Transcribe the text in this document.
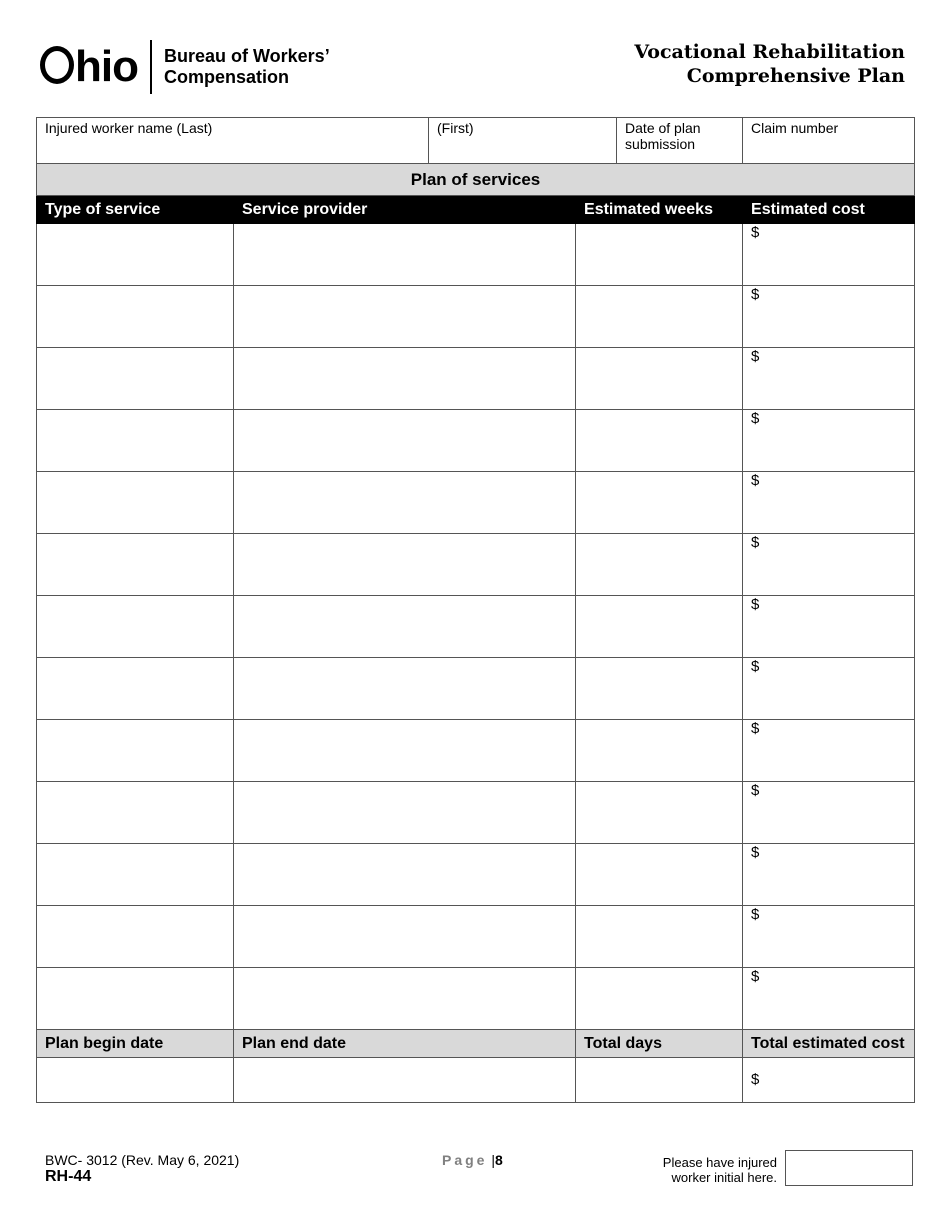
hio Bureau of Workers’
Compensation
Vocational Rehabilitation
Comprehensive Plan
Injured worker name (Last)		(First)		Date of plan submission	Claim number

Plan of services					
Type of service	Service provider		Estimated weeks		Estimated cost
					$
					$
					$
					$
					$
					$
					$
					$
					$
					$
					$
					$
					$
Plan begin date	Plan end date		Total days		Total estimated cost
					$
BWC- 3012 (Rev. May 6, 2021)
RH-44
Page |8	Please have injured
worker initial here.
